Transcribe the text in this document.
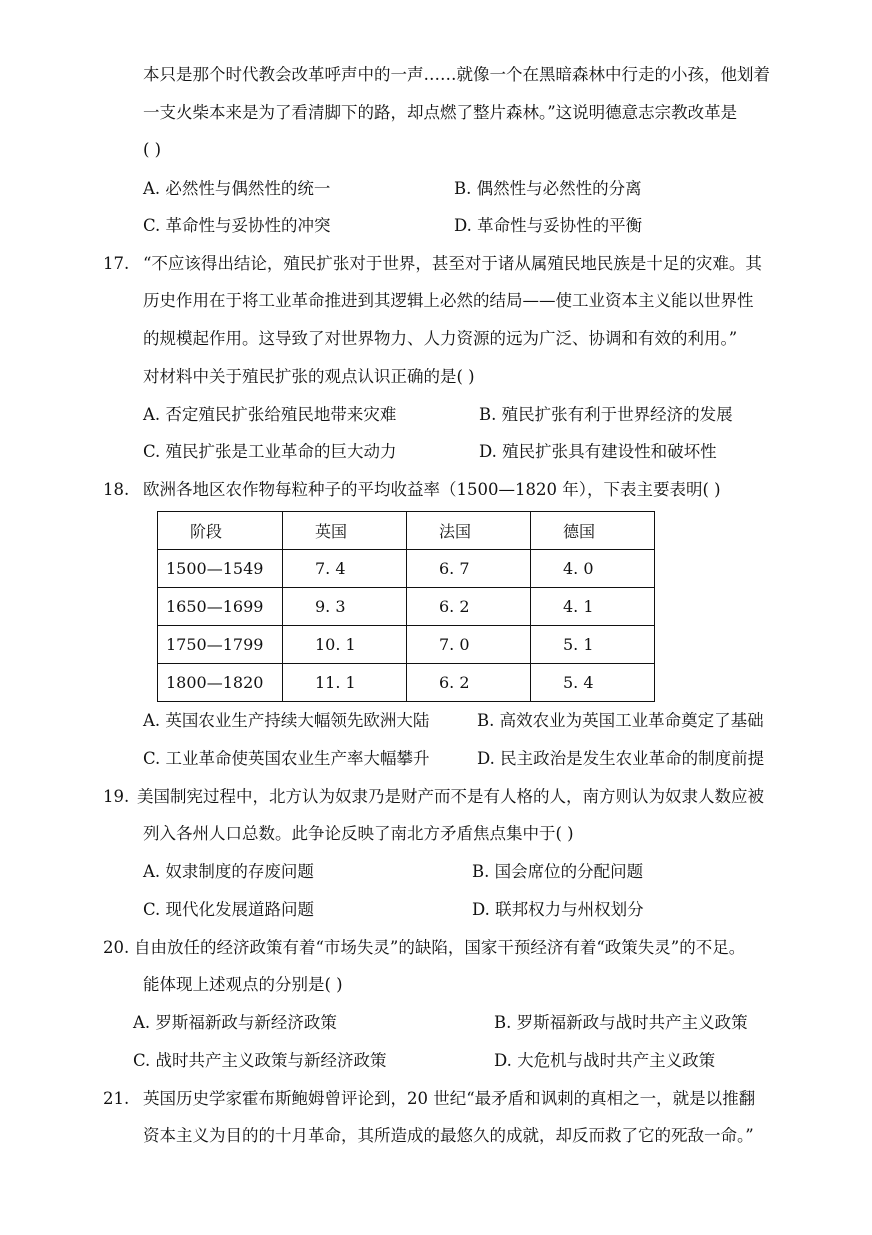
本只是那个时代教会改革呼声中的一声……就像一个在黑暗森林中行走的小孩，他划着
一支火柴本来是为了看清脚下的路，却点燃了整片森林。”这说明德意志宗教改革是
( )
A. 必然性与偶然性的统一	B. 偶然性与必然性的分离
C. 革命性与妥协性的冲突	D. 革命性与妥协性的平衡
17. “不应该得出结论，殖民扩张对于世界，甚至对于诸从属殖民地民族是十足的灾难。其
历史作用在于将工业革命推进到其逻辑上必然的结局——使工业资本主义能以世界性
的规模起作用。这导致了对世界物力、人力资源的远为广泛、协调和有效的利用。”
对材料中关于殖民扩张的观点认识正确的是( )
A. 否定殖民扩张给殖民地带来灾难	B. 殖民扩张有利于世界经济的发展
C. 殖民扩张是工业革命的巨大动力	D. 殖民扩张具有建设性和破坏性
18. 欧洲各地区农作物每粒种子的平均收益率（1500—1820 年），下表主要表明( )
阶段	英国	法国	德国
1500—1549	7. 4	6. 7	4. 0
1650—1699	9. 3	6. 2	4. 1
1750—1799	10. 1	7. 0	5. 1
1800—1820	11. 1	6. 2	5. 4
A. 英国农业生产持续大幅领先欧洲大陆	B. 高效农业为英国工业革命奠定了基础
C. 工业革命使英国农业生产率大幅攀升	D. 民主政治是发生农业革命的制度前提
19. 美国制宪过程中，北方认为奴隶乃是财产而不是有人格的人，南方则认为奴隶人数应被
列入各州人口总数。此争论反映了南北方矛盾焦点集中于( )
A. 奴隶制度的存废问题	B. 国会席位的分配问题
C. 现代化发展道路问题	D. 联邦权力与州权划分
20. 自由放任的经济政策有着“市场失灵”的缺陷，国家干预经济有着“政策失灵”的不足。
能体现上述观点的分别是( )
A. 罗斯福新政与新经济政策	B. 罗斯福新政与战时共产主义政策
C. 战时共产主义政策与新经济政策	D. 大危机与战时共产主义政策
21. 英国历史学家霍布斯鲍姆曾评论到，20 世纪“最矛盾和讽刺的真相之一，就是以推翻
资本主义为目的的十月革命，其所造成的最悠久的成就，却反而救了它的死敌一命。”
